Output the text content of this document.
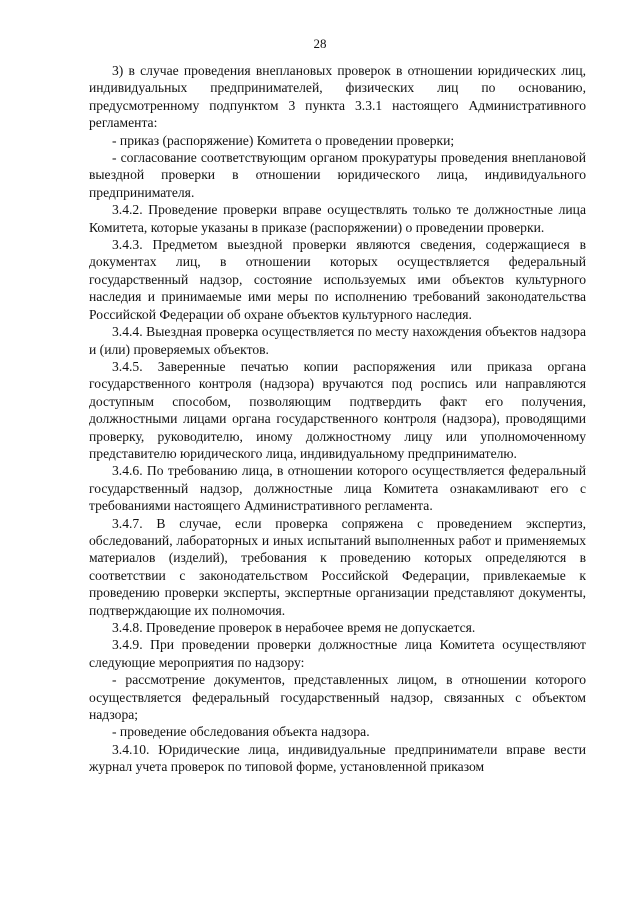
28

3) в случае проведения внеплановых проверок в отношении юридических лиц, индивидуальных предпринимателей, физических лиц по основанию, предусмотренному подпунктом 3 пункта 3.3.1 настоящего Административного регламента:

- приказ (распоряжение) Комитета о проведении проверки;

- согласование соответствующим органом прокуратуры проведения внеплановой выездной проверки в отношении юридического лица, индивидуального предпринимателя.

3.4.2. Проведение проверки вправе осуществлять только те должностные лица Комитета, которые указаны в приказе (распоряжении) о проведении проверки.

3.4.3. Предметом выездной проверки являются сведения, содержащиеся в документах лиц, в отношении которых осуществляется федеральный государственный надзор, состояние используемых ими объектов культурного наследия и принимаемые ими меры по исполнению требований законодательства Российской Федерации об охране объектов культурного наследия.

3.4.4. Выездная проверка осуществляется по месту нахождения объектов надзора и (или) проверяемых объектов.

3.4.5. Заверенные печатью копии распоряжения или приказа органа государственного контроля (надзора) вручаются под роспись или направляются доступным способом, позволяющим подтвердить факт его получения, должностными лицами органа государственного контроля (надзора), проводящими проверку, руководителю, иному должностному лицу или уполномоченному представителю юридического лица, индивидуальному предпринимателю.

3.4.6. По требованию лица, в отношении которого осуществляется федеральный государственный надзор, должностные лица Комитета ознакамливают его с требованиями настоящего Административного регламента.

3.4.7. В случае, если проверка сопряжена с проведением экспертиз, обследований, лабораторных и иных испытаний выполненных работ и применяемых материалов (изделий), требования к проведению которых определяются в соответствии с законодательством Российской Федерации, привлекаемые к проведению проверки эксперты, экспертные организации представляют документы, подтверждающие их полномочия.

3.4.8. Проведение проверок в нерабочее время не допускается.

3.4.9. При проведении проверки должностные лица Комитета осуществляют следующие мероприятия по надзору:

- рассмотрение документов, представленных лицом, в отношении которого осуществляется федеральный государственный надзор, связанных с объектом надзора;

- проведение обследования объекта надзора.

3.4.10. Юридические лица, индивидуальные предприниматели вправе вести журнал учета проверок по типовой форме, установленной приказом
